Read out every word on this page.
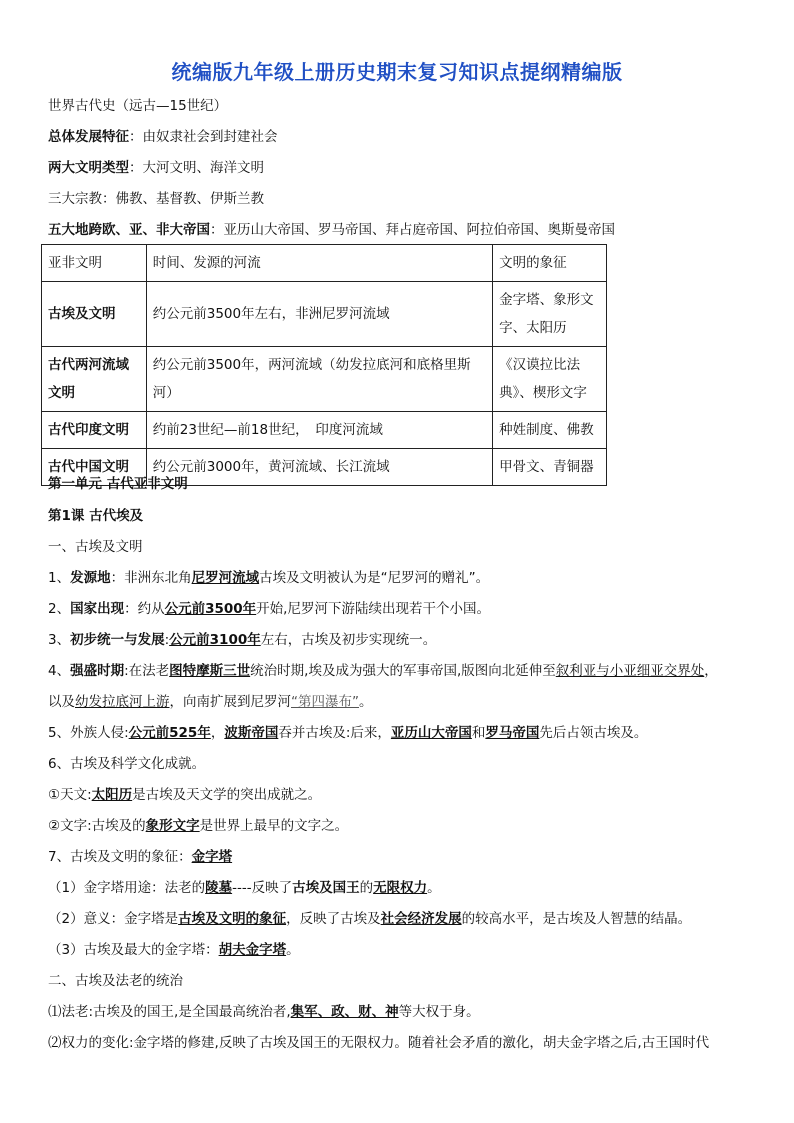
统编版九年级上册历史期末复习知识点提纲精编版
世界古代史（远古—15世纪）
总体发展特征：由奴隶社会到封建社会
两大文明类型：大河文明、海洋文明
三大宗教：佛教、基督教、伊斯兰教
五大地跨欧、亚、非大帝国：亚历山大帝国、罗马帝国、拜占庭帝国、阿拉伯帝国、奥斯曼帝国
亚非文明	时间、发源的河流	文明的象征
古埃及文明	约公元前3500年左右，非洲尼罗河流域	金字塔、象形文字、太阳历
古代两河流域文明	约公元前3500年，两河流域（幼发拉底河和底格里斯河）	《汉谟拉比法典》、楔形文字
古代印度文明	约前23世纪—前18世纪，　印度河流域	种姓制度、佛教
古代中国文明	约公元前3000年，黄河流域、长江流域	甲骨文、青铜器
第一单元 古代亚非文明
第1课 古代埃及
一、古埃及文明
1、发源地：非洲东北角尼罗河流域古埃及文明被认为是“尼罗河的赠礼”。
2、国家出现：约从公元前3500年开始,尼罗河下游陆续出现若干个小国。
3、初步统一与发展:公元前3100年左右，古埃及初步实现统一。
4、强盛时期:在法老图特摩斯三世统治时期,埃及成为强大的军事帝国,版图向北延伸至叙利亚与小亚细亚交界处，
以及幼发拉底河上游，向南扩展到尼罗河“第四瀑布”。
5、外族人侵:公元前525年，波斯帝国吞并古埃及:后来，亚历山大帝国和罗马帝国先后占领古埃及。
6、古埃及科学文化成就。
①天文:太阳历是古埃及天文学的突出成就之。
②文字:古埃及的象形文字是世界上最早的文字之。
7、古埃及文明的象征：金字塔
（1）金字塔用途：法老的陵墓----反映了古埃及国王的无限权力。
（2）意义：金字塔是古埃及文明的象征，反映了古埃及社会经济发展的较高水平，是古埃及人智慧的结晶。
（3）古埃及最大的金字塔：胡夫金字塔。
二、古埃及法老的统治
⑴法老:古埃及的国王,是全国最高统治者,集军、政、财、神等大权于身。
⑵权力的变化:金字塔的修建,反映了古埃及国王的无限权力。随着社会矛盾的激化，胡夫金字塔之后,古王国时代
